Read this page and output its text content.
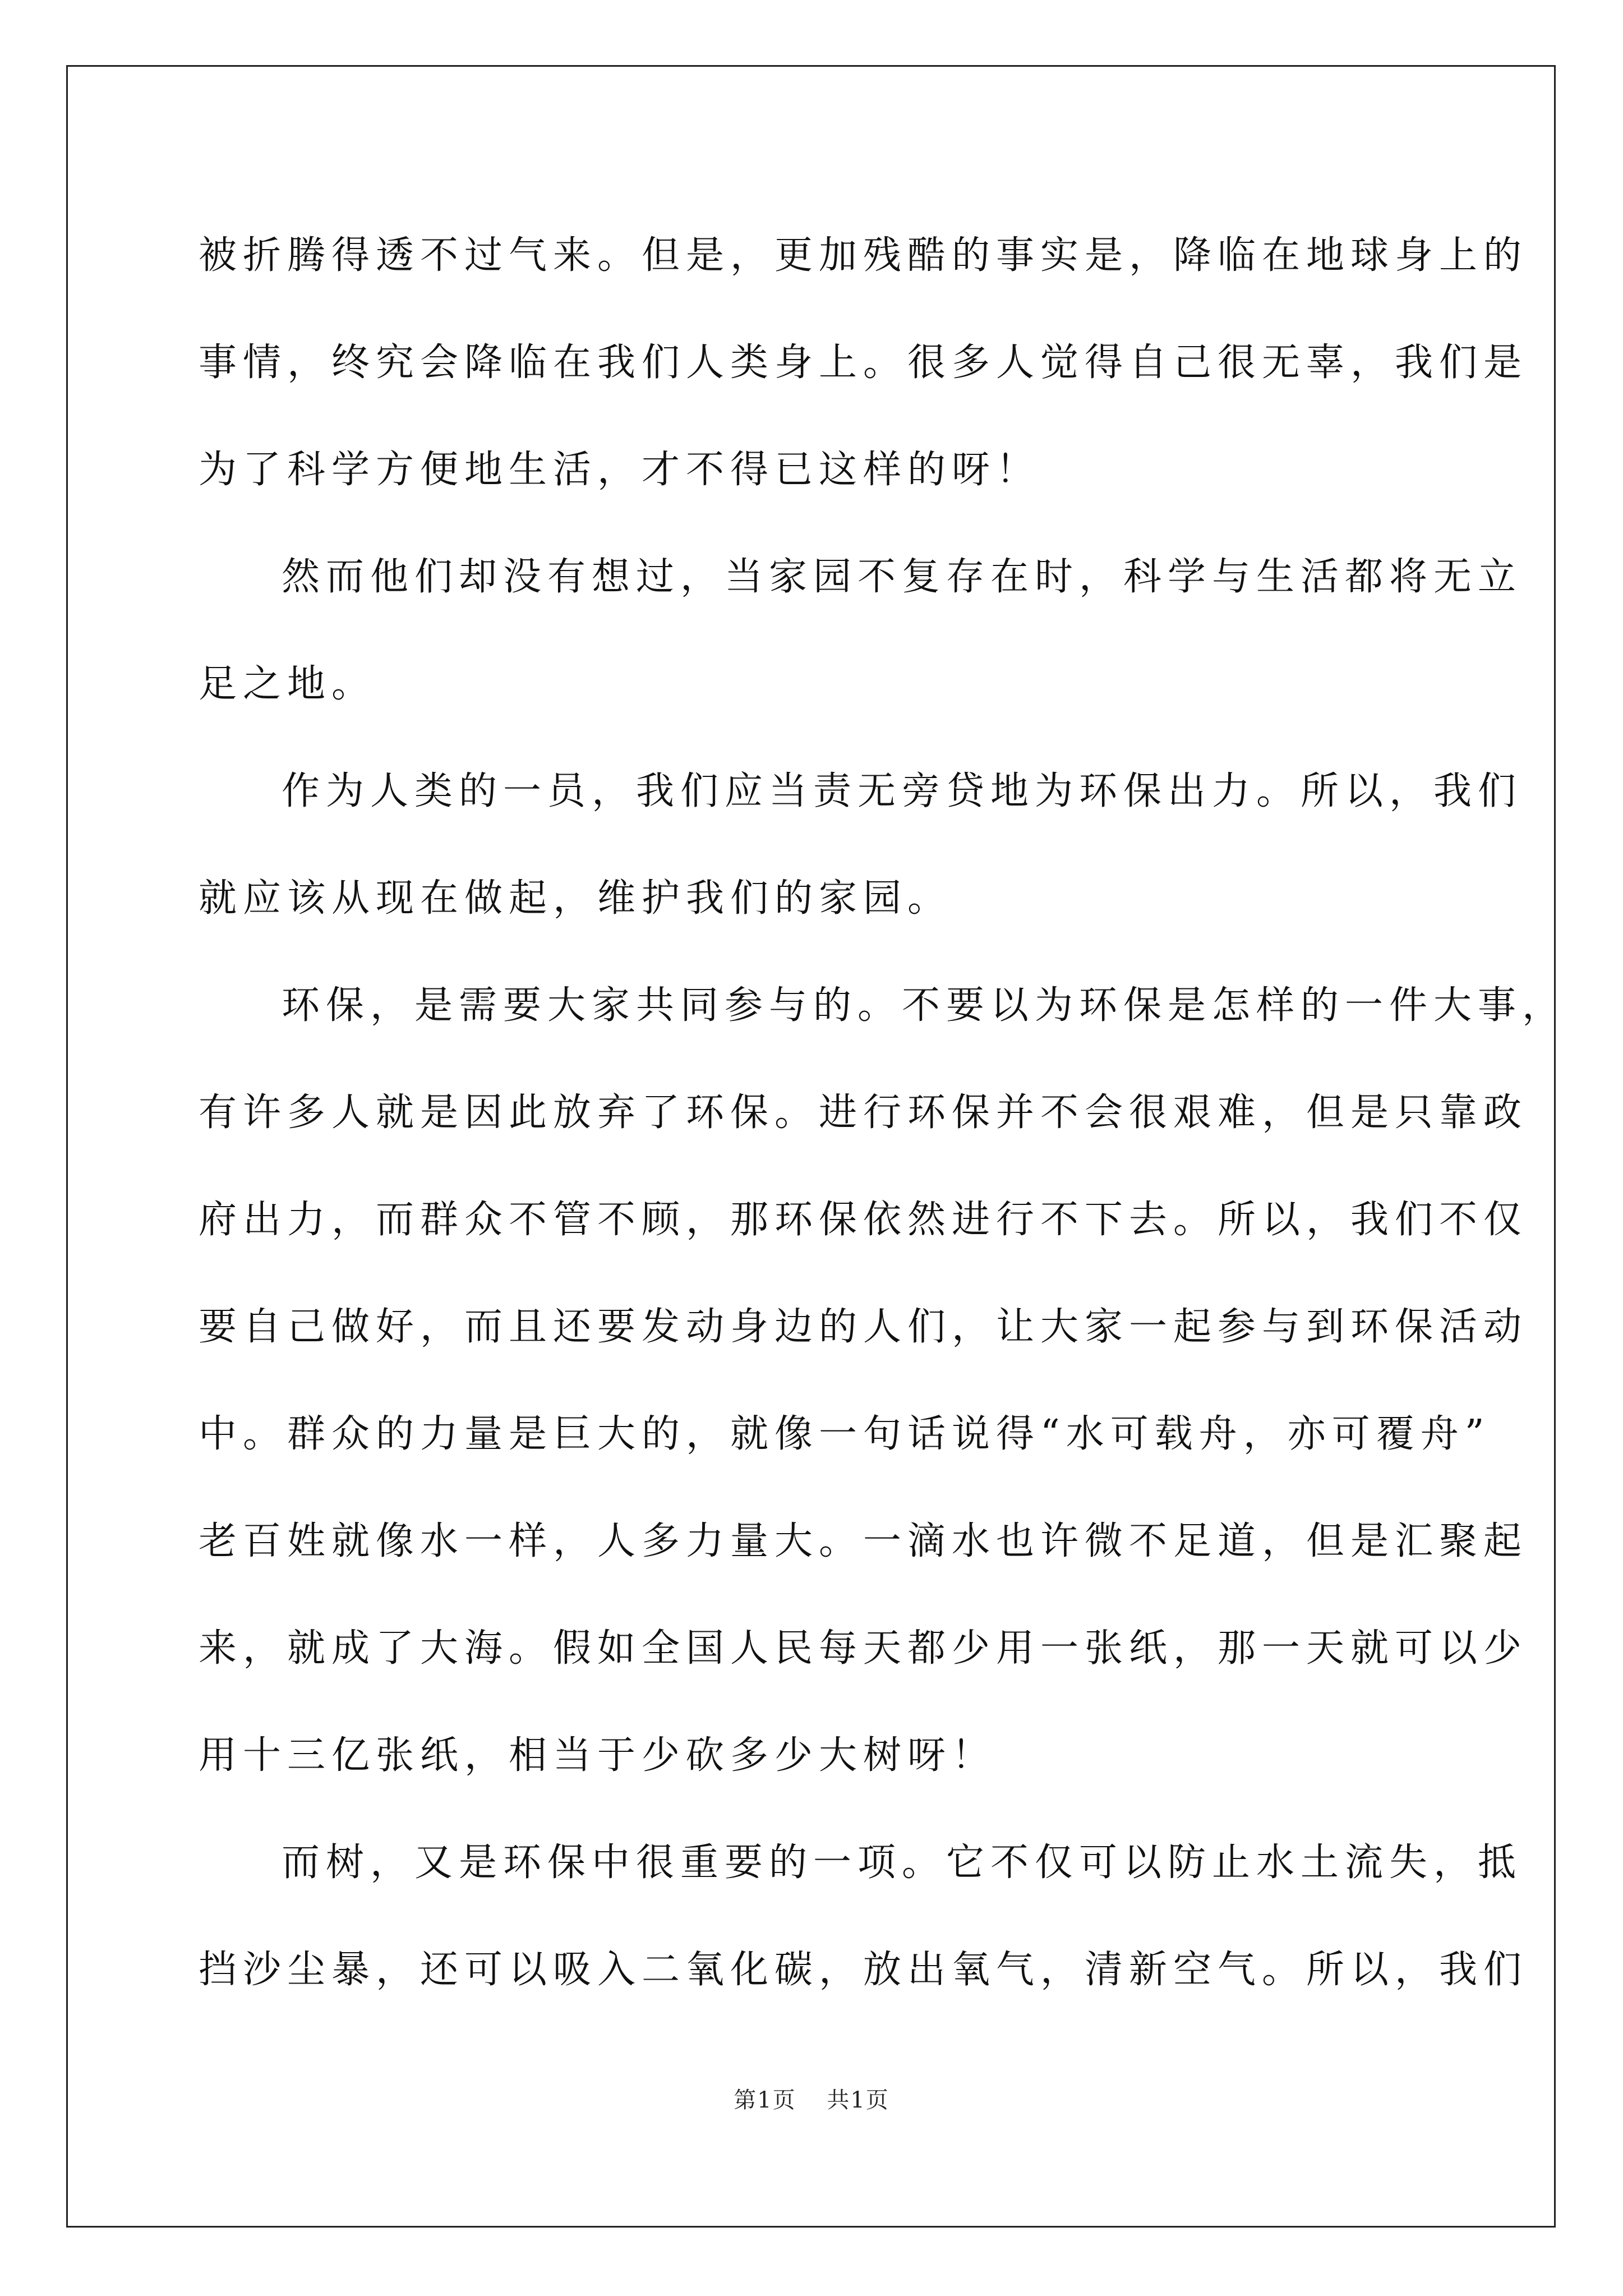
被折腾得透不过气来。但是，更加残酷的事实是，降临在地球身上的
事情，终究会降临在我们人类身上。很多人觉得自己很无辜，我们是
为了科学方便地生活，才不得已这样的呀！
然而他们却没有想过，当家园不复存在时，科学与生活都将无立
足之地。
作为人类的一员，我们应当责无旁贷地为环保出力。所以，我们
就应该从现在做起，维护我们的家园。
环保，是需要大家共同参与的。不要以为环保是怎样的一件大事，
有许多人就是因此放弃了环保。进行环保并不会很艰难，但是只靠政
府出力，而群众不管不顾，那环保依然进行不下去。所以，我们不仅
要自己做好，而且还要发动身边的人们，让大家一起参与到环保活动
中。群众的力量是巨大的，就像一句话说得“水可载舟，亦可覆舟”
老百姓就像水一样，人多力量大。一滴水也许微不足道，但是汇聚起
来，就成了大海。假如全国人民每天都少用一张纸，那一天就可以少
用十三亿张纸，相当于少砍多少大树呀！
而树，又是环保中很重要的一项。它不仅可以防止水土流失，抵
挡沙尘暴，还可以吸入二氧化碳，放出氧气，清新空气。所以，我们
第1页 共1页
